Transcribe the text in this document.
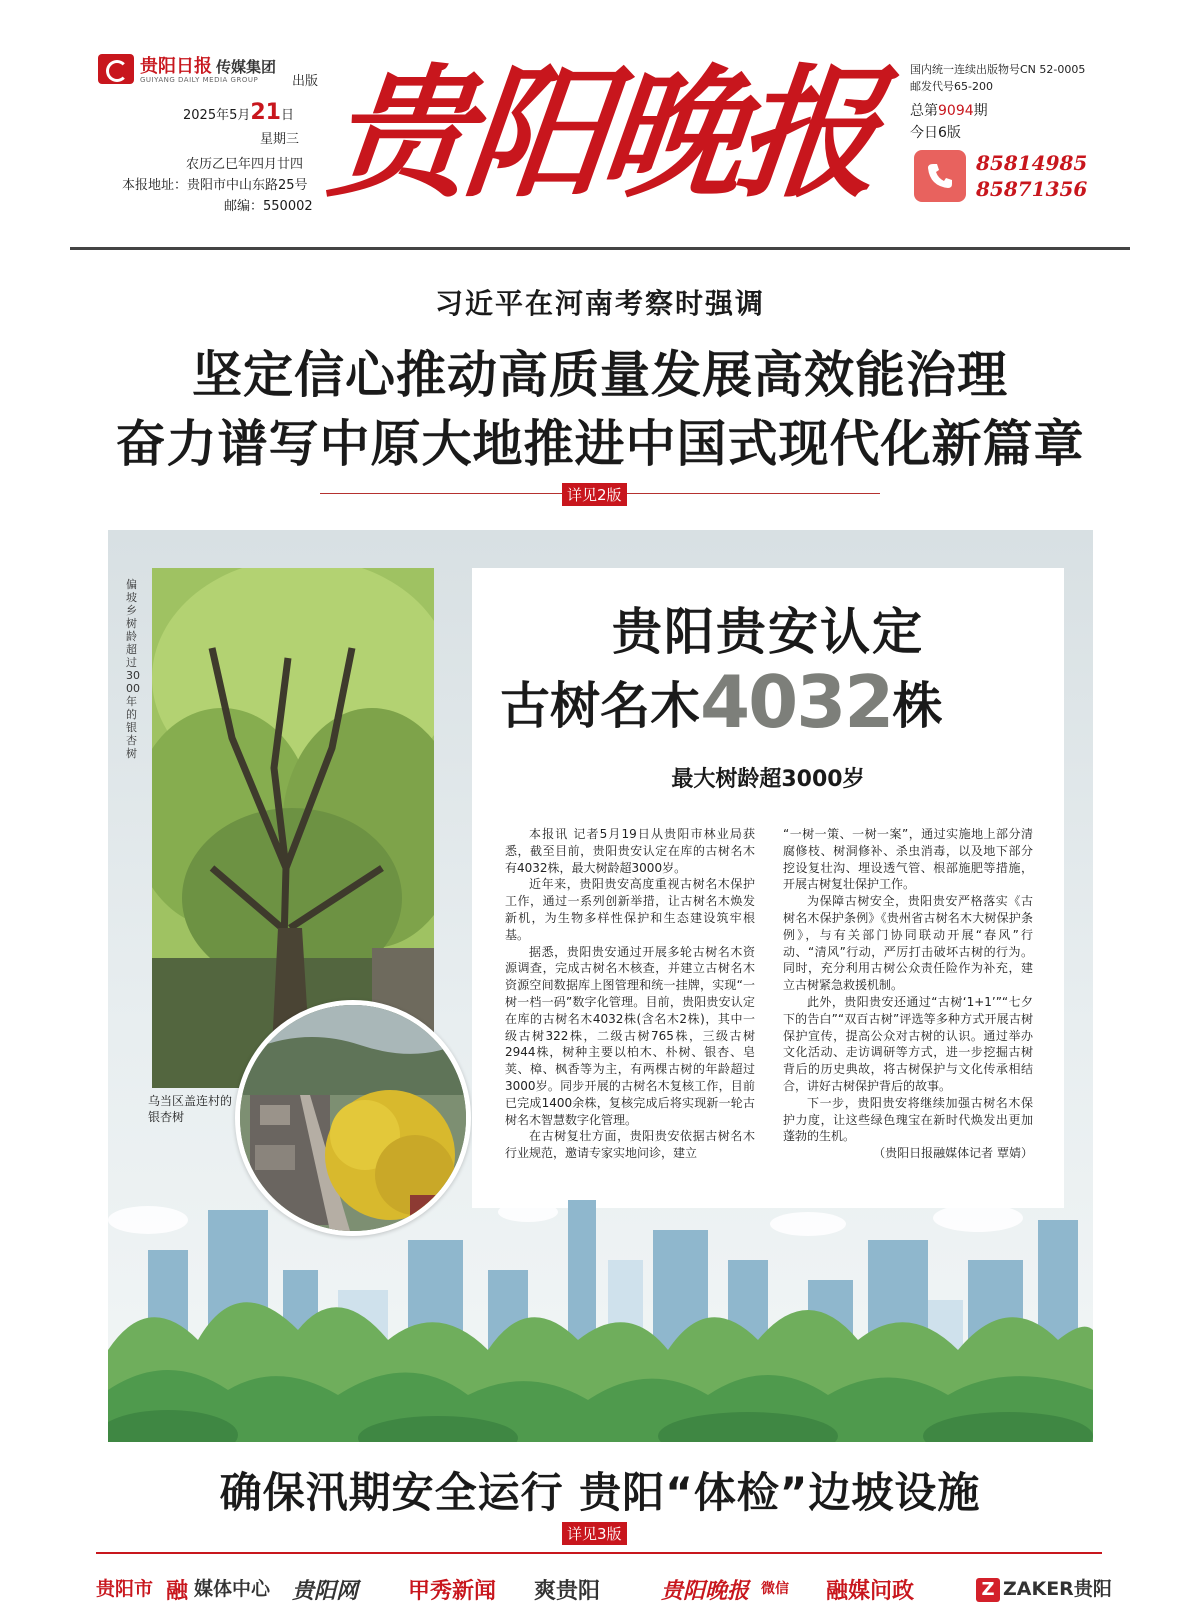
贵阳日报 传媒集团
GUIYANG DAILY MEDIA GROUP	出版
2025年5月21日
星期三
农历乙巳年四月廿四
本报地址：贵阳市中山东路25号
邮编：550002 贵阳晚报	国内统一连续出版物号CN 52-0005
邮发代号65-200
总第9094期
今日6版
85814985
85871356
习近平在河南考察时强调
坚定信心推动高质量发展高效能治理
奋力谱写中原大地推进中国式现代化新篇章
详见2版
偏坡乡树龄超过3000年的银杏树
乌当区盖连村的银杏树
贵阳贵安认定
古树名木4032株
最大树龄超3000岁

本报讯 记者5月19日从贵阳市林业局获悉，截至目前，贵阳贵安认定在库的古树名木有4032株，最大树龄超3000岁。

近年来，贵阳贵安高度重视古树名木保护工作，通过一系列创新举措，让古树名木焕发新机，为生物多样性保护和生态建设筑牢根基。

据悉，贵阳贵安通过开展多轮古树名木资源调查，完成古树名木核查，并建立古树名木资源空间数据库上图管理和统一挂牌，实现“一树一档一码”数字化管理。目前，贵阳贵安认定在库的古树名木4032株(含名木2株)，其中一级古树322株，二级古树765株，三级古树2944株，树种主要以柏木、朴树、银杏、皂荚、樟、枫香等为主，有两棵古树的年龄超过3000岁。同步开展的古树名木复核工作，目前已完成1400余株，复核完成后将实现新一轮古树名木智慧数字化管理。

在古树复壮方面，贵阳贵安依据古树名木行业规范，邀请专家实地问诊，建立

“一树一策、一树一案”，通过实施地上部分清腐修枝、树洞修补、杀虫消毒，以及地下部分挖设复壮沟、埋设透气管、根部施肥等措施，开展古树复壮保护工作。

为保障古树安全，贵阳贵安严格落实《古树名木保护条例》《贵州省古树名木大树保护条例》，与有关部门协同联动开展“春风”行动、“清风”行动，严厉打击破坏古树的行为。同时，充分利用古树公众责任险作为补充，建立古树紧急救援机制。

此外，贵阳贵安还通过“古树‘1+1’”“七夕下的告白”“双百古树”评选等多种方式开展古树保护宣传，提高公众对古树的认识。通过举办文化活动、走访调研等方式，进一步挖掘古树背后的历史典故，将古树保护与文化传承相结合，讲好古树保护背后的故事。

下一步，贵阳贵安将继续加强古树名木保护力度，让这些绿色瑰宝在新时代焕发出更加蓬勃的生机。

（贵阳日报融媒体记者 覃婧）

确保汛期安全运行 贵阳“体检”边坡设施
详见3版
贵阳市 融 媒体中心 贵阳网 甲秀新闻 爽贵阳	贵阳晚报 微信 融媒问政	Z ZAKER贵阳
